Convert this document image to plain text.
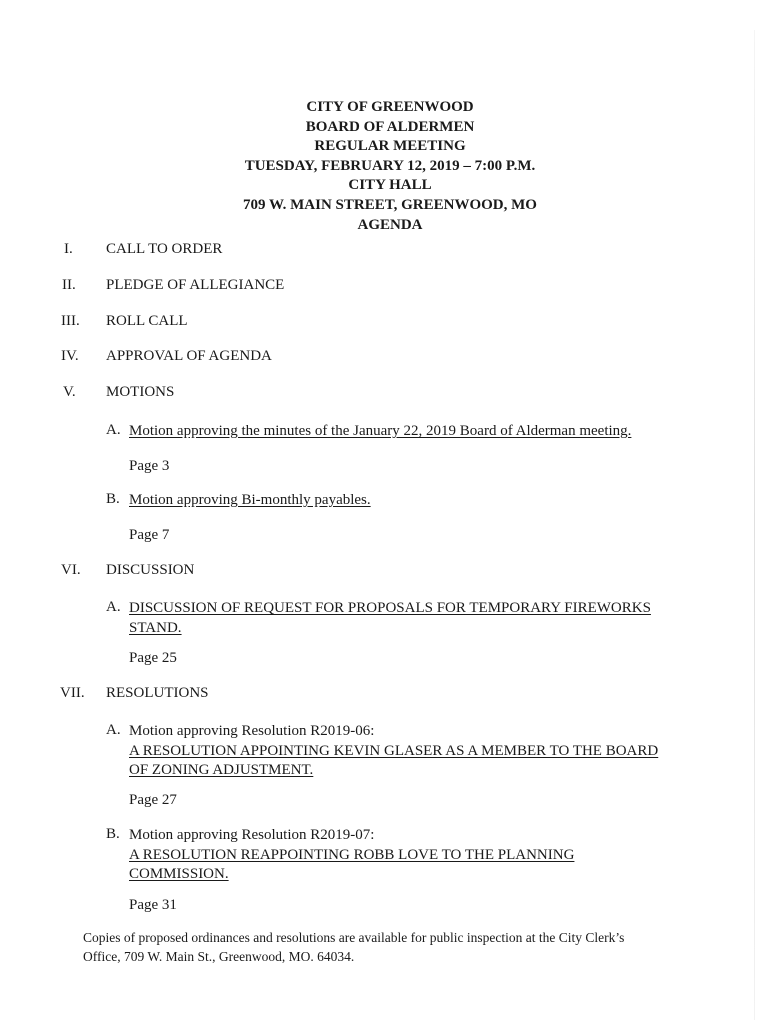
CITY OF GREENWOOD
BOARD OF ALDERMEN
REGULAR MEETING
TUESDAY, FEBRUARY 12, 2019 – 7:00 P.M.
CITY HALL
709 W. MAIN STREET, GREENWOOD, MO
AGENDA
I. CALL TO ORDER
II. PLEDGE OF ALLEGIANCE
III. ROLL CALL
IV. APPROVAL OF AGENDA
V. MOTIONS
A. Motion approving the minutes of the January 22, 2019 Board of Alderman meeting.
Page 3
B. Motion approving Bi-monthly payables.
Page 7
VI. DISCUSSION
A. DISCUSSION OF REQUEST FOR PROPOSALS FOR TEMPORARY FIREWORKS
STAND.
Page 25
VII. RESOLUTIONS
A. Motion approving Resolution R2019-06:
A RESOLUTION APPOINTING KEVIN GLASER AS A MEMBER TO THE BOARD
OF ZONING ADJUSTMENT.
Page 27
B. Motion approving Resolution R2019-07:
A RESOLUTION REAPPOINTING ROBB LOVE TO THE PLANNING
COMMISSION.
Page 31
Copies of proposed ordinances and resolutions are available for public inspection at the City Clerk’s
Office, 709 W. Main St., Greenwood, MO. 64034.
